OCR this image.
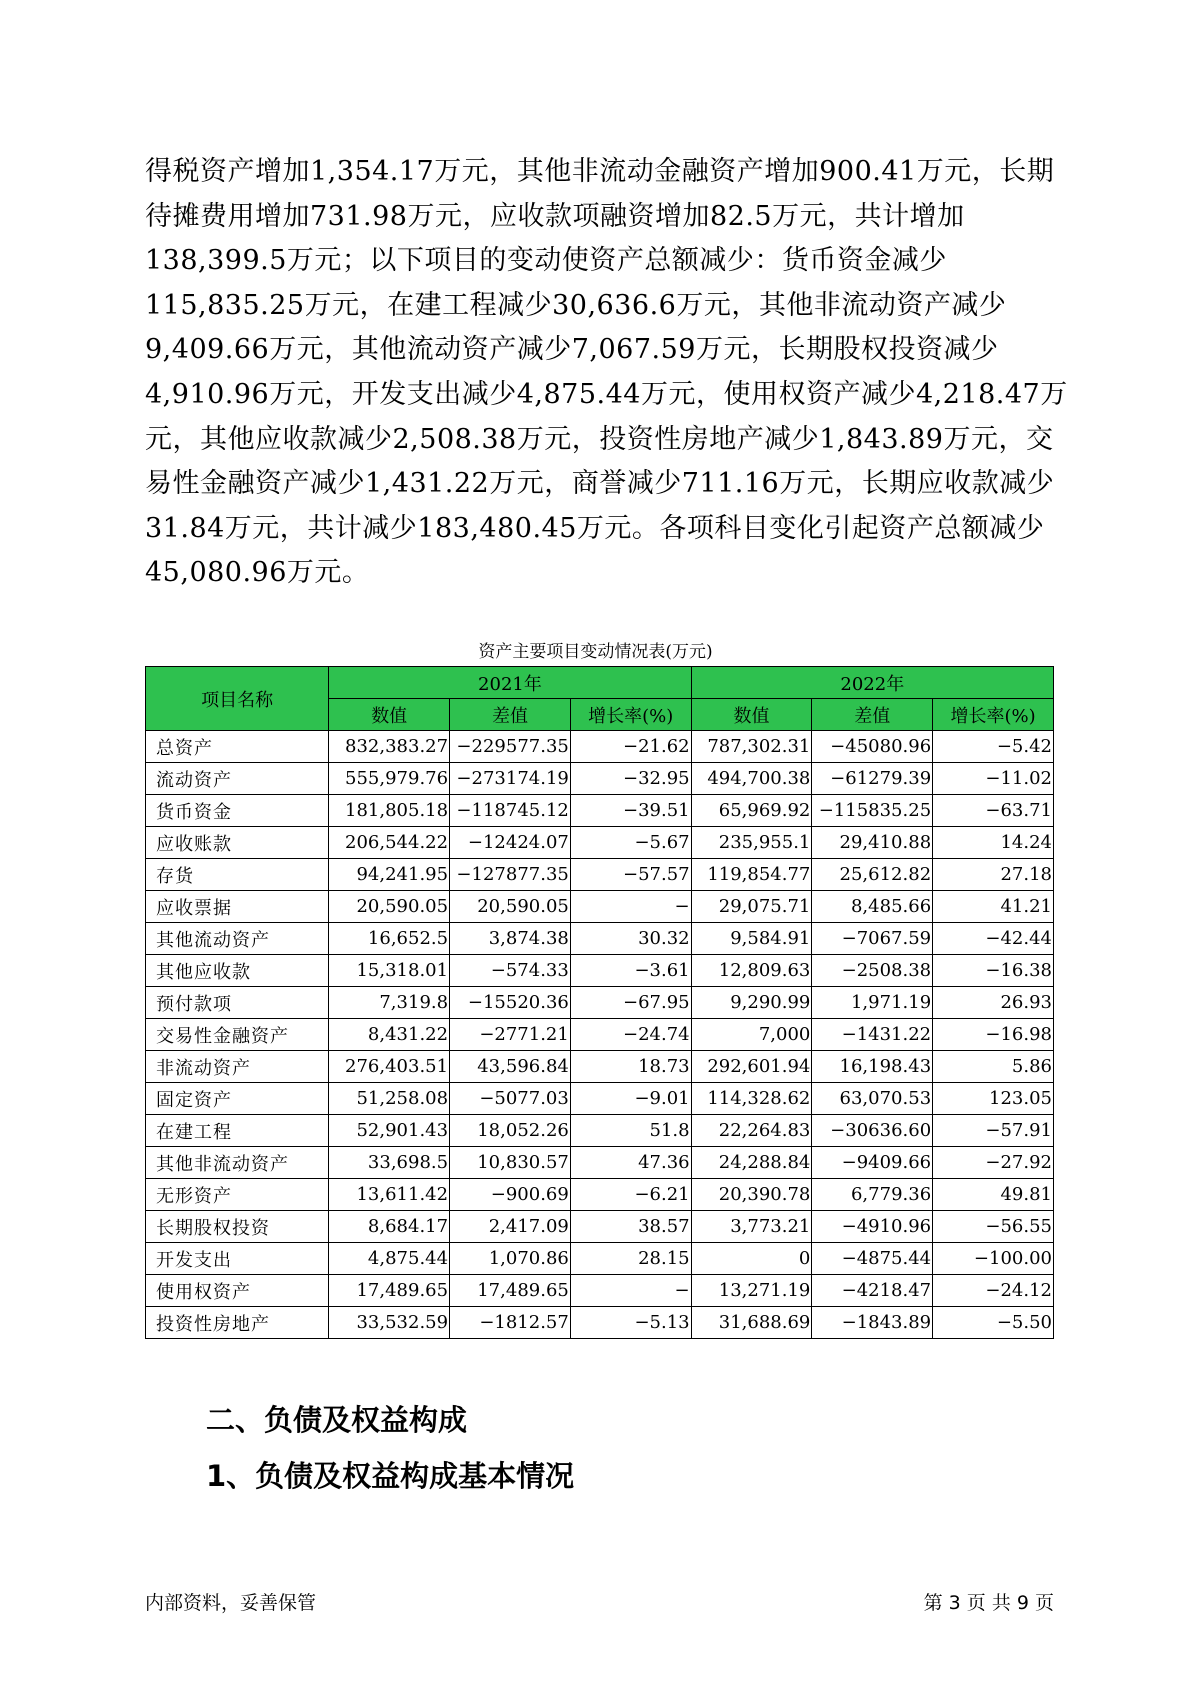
得税资产增加1,354.17万元，其他非流动金融资产增加900.41万元，长期
待摊费用增加731.98万元，应收款项融资增加82.5万元，共计增加
138,399.5万元；以下项目的变动使资产总额减少：货币资金减少
115,835.25万元，在建工程减少30,636.6万元，其他非流动资产减少
9,409.66万元，其他流动资产减少7,067.59万元，长期股权投资减少
4,910.96万元，开发支出减少4,875.44万元，使用权资产减少4,218.47万
元，其他应收款减少2,508.38万元，投资性房地产减少1,843.89万元，交
易性金融资产减少1,431.22万元，商誉减少711.16万元，长期应收款减少
31.84万元，共计减少183,480.45万元。各项科目变化引起资产总额减少
45,080.96万元。
资产主要项目变动情况表(万元)
项目名称	2021年			2022年		
	数值	差值	增长率(%)	数值	差值	增长率(%)
总资产	832,383.27	−229577.35	−21.62	787,302.31	−45080.96	−5.42
流动资产	555,979.76	−273174.19	−32.95	494,700.38	−61279.39	−11.02
货币资金	181,805.18	−118745.12	−39.51	65,969.92	−115835.25	−63.71
应收账款	206,544.22	−12424.07	−5.67	235,955.1	29,410.88	14.24
存货	94,241.95	−127877.35	−57.57	119,854.77	25,612.82	27.18
应收票据	20,590.05	20,590.05	−	29,075.71	8,485.66	41.21
其他流动资产	16,652.5	3,874.38	30.32	9,584.91	−7067.59	−42.44
其他应收款	15,318.01	−574.33	−3.61	12,809.63	−2508.38	−16.38
预付款项	7,319.8	−15520.36	−67.95	9,290.99	1,971.19	26.93
交易性金融资产	8,431.22	−2771.21	−24.74	7,000	−1431.22	−16.98
非流动资产	276,403.51	43,596.84	18.73	292,601.94	16,198.43	5.86
固定资产	51,258.08	−5077.03	−9.01	114,328.62	63,070.53	123.05
在建工程	52,901.43	18,052.26	51.8	22,264.83	−30636.60	−57.91
其他非流动资产	33,698.5	10,830.57	47.36	24,288.84	−9409.66	−27.92
无形资产	13,611.42	−900.69	−6.21	20,390.78	6,779.36	49.81
长期股权投资	8,684.17	2,417.09	38.57	3,773.21	−4910.96	−56.55
开发支出	4,875.44	1,070.86	28.15	0	−4875.44	−100.00
使用权资产	17,489.65	17,489.65	−	13,271.19	−4218.47	−24.12
投资性房地产	33,532.59	−1812.57	−5.13	31,688.69	−1843.89	−5.50
二、负债及权益构成
1、负债及权益构成基本情况
内部资料，妥善保管	第 3 页 共 9 页
